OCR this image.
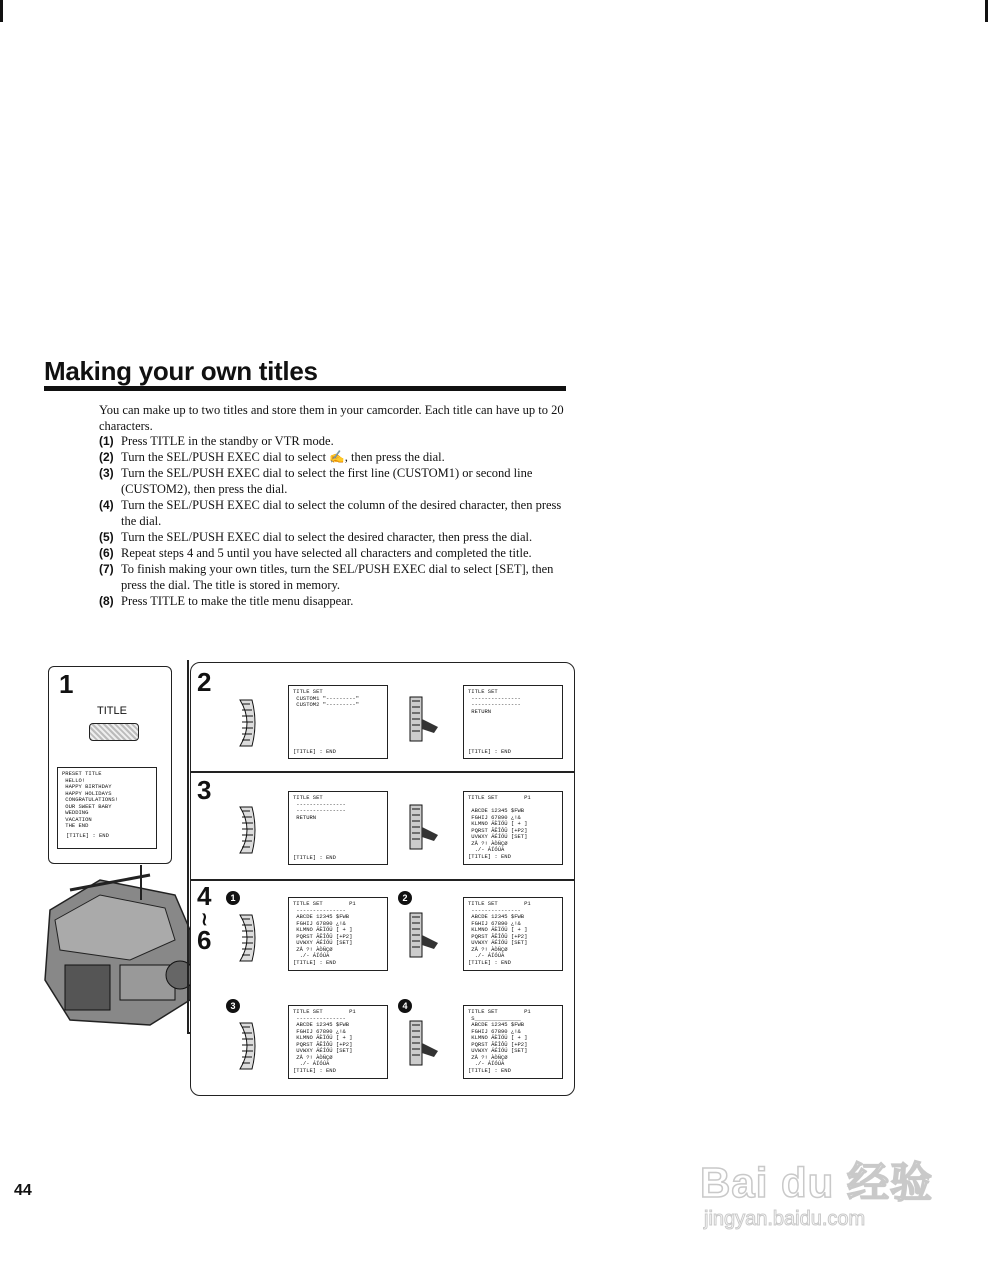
Making your own titles
You can make up to two titles and store them in your camcorder. Each title can have up to 20 characters.
(1) Press TITLE in the standby or VTR mode.
(2) Turn the SEL/PUSH EXEC dial to select ✍, then press the dial.
(3) Turn the SEL/PUSH EXEC dial to select the first line (CUSTOM1) or second line (CUSTOM2), then press the dial.
(4) Turn the SEL/PUSH EXEC dial to select the column of the desired character, then press the dial.
(5) Turn the SEL/PUSH EXEC dial to select the desired character, then press the dial.
(6) Repeat steps 4 and 5 until you have selected all characters and completed the title.
(7) To finish making your own titles, turn the SEL/PUSH EXEC dial to select [SET], then press the dial. The title is stored in memory.
(8) Press TITLE to make the title menu disappear.
1
TITLE
PRESET TITLE
HELLO!
HAPPY BIRTHDAY
HAPPY HOLIDAYS
CONGRATULATIONS!
OUR SWEET BABY
WEDDING
VACATION
THE END
[TITLE] : END
2	TITLE SET
CUSTOM1 "---------"
CUSTOM2 "---------"
[TITLE] : END
TITLE SET
---------------
---------------
RETURN
[TITLE] : END
3	TITLE SET
---------------
---------------
RETURN
[TITLE] : END
TITLE SET        P1

ABCDE 12345 $FWB
FGHIJ 67890 ¿!&
KLMNO ÄÈÏÖÜ [ + ]
PQRST ÂÊÎÔÛ [+P2]
UVWXY ÁÉÍÓÚ [SET]
ZÅ ?! ÀÒÑÇØ
./- ÁÍÓÚÃ
[TITLE] : END
4
≀
6
1
TITLE SET        P1
---------------
ABCDE 12345 $FWB
FGHIJ 67890 ¿!&
KLMNO ÄÈÏÖÜ [ + ]
PQRST ÂÊÎÔÛ [+P2]
UVWXY ÁÉÍÓÚ [SET]
ZÅ ?! ÀÒÑÇØ
./- ÁÍÓÚÃ
[TITLE] : END
2
TITLE SET        P1
---------------
ABCDE 12345 $FWB
FGHIJ 67890 ¿!&
KLMNO ÄÈÏÖÜ [ + ]
PQRST ÂÊÎÔÛ [+P2]
UVWXY ÁÉÍÓÚ [SET]
ZÅ ?! ÀÒÑÇØ
./- ÁÍÓÚÃ
[TITLE] : END
3
TITLE SET        P1
---------------
ABCDE 12345 $FWB
FGHIJ 67890 ¿!&
KLMNO ÄÈÏÖÜ [ + ]
PQRST ÂÊÎÔÛ [+P2]
UVWXY ÁÉÍÓÚ [SET]
ZÅ ?! ÀÒÑÇØ
./- ÁÍÓÚÃ
[TITLE] : END
4
TITLE SET        P1
S______________
ABCDE 12345 $FWB
FGHIJ 67890 ¿!&
KLMNO ÄÈÏÖÜ [ + ]
PQRST ÂÊÎÔÛ [+P2]
UVWXY ÁÉÍÓÚ [SET]
ZÅ ?! ÀÒÑÇØ
./- ÁÍÓÚÃ
[TITLE] : END
44	Bai du 经验
jingyan.baidu.com
